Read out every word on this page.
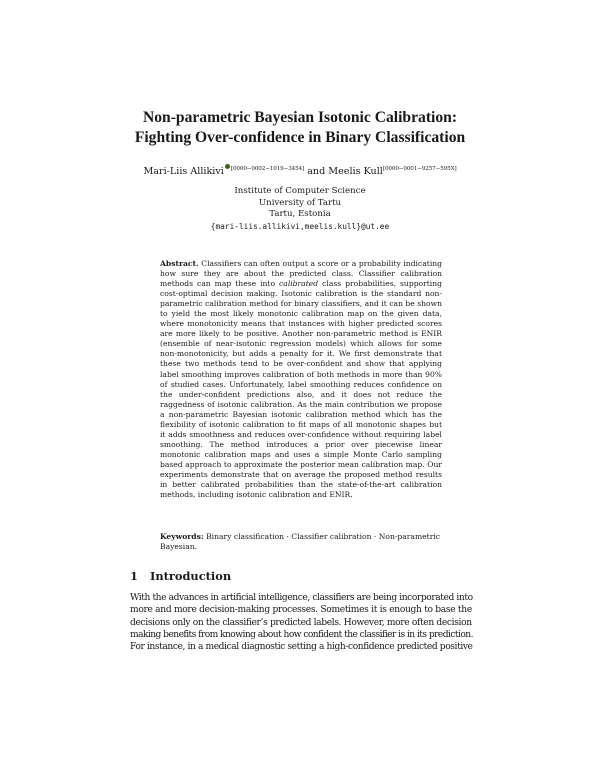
Non-parametric Bayesian Isotonic Calibration:
Fighting Over-confidence in Binary Classification
Mari-Liis Allikivi [0000−0002−1019−3454] and Meelis Kull[0000−0001−9257−595X]
Institute of Computer Science
University of Tartu
Tartu, Estonia
{mari-liis.allikivi,meelis.kull}@ut.ee
Abstract. Classifiers can often output a score or a probability indicating how sure they are about the predicted class. Classifier calibration methods can map these into calibrated class probabilities, supporting cost-optimal decision making. Isotonic calibration is the standard non-parametric calibration method for binary classifiers, and it can be shown to yield the most likely monotonic calibration map on the given data, where monotonicity means that instances with higher predicted scores are more likely to be positive. Another non-parametric method is ENIR (ensemble of near-isotonic regression models) which allows for some non-monotonicity, but adds a penalty for it. We first demonstrate that these two methods tend to be over-confident and show that applying label smoothing improves calibration of both methods in more than 90% of studied cases. Unfortunately, label smoothing reduces confidence on the under-confident predictions also, and it does not reduce the raggedness of isotonic calibration. As the main contribution we propose a non-parametric Bayesian isotonic calibration method which has the flexibility of isotonic calibration to fit maps of all monotonic shapes but it adds smoothness and reduces over-confidence without requiring label smoothing. The method introduces a prior over piecewise linear monotonic calibration maps and uses a simple Monte Carlo sampling based approach to approximate the posterior mean calibration map. Our experiments demonstrate that on average the proposed method results in better calibrated probabilities than the state-of-the-art calibration methods, including isotonic calibration and ENIR.
Keywords: Binary classification · Classifier calibration · Non-parametric Bayesian.
1 Introduction
With the advances in artificial intelligence, classifiers are being incorporated into
more and more decision-making processes. Sometimes it is enough to base the
decisions only on the classifier’s predicted labels. However, more often decision
making benefits from knowing about how confident the classifier is in its prediction.
For instance, in a medical diagnostic setting a high-confidence predicted positive
